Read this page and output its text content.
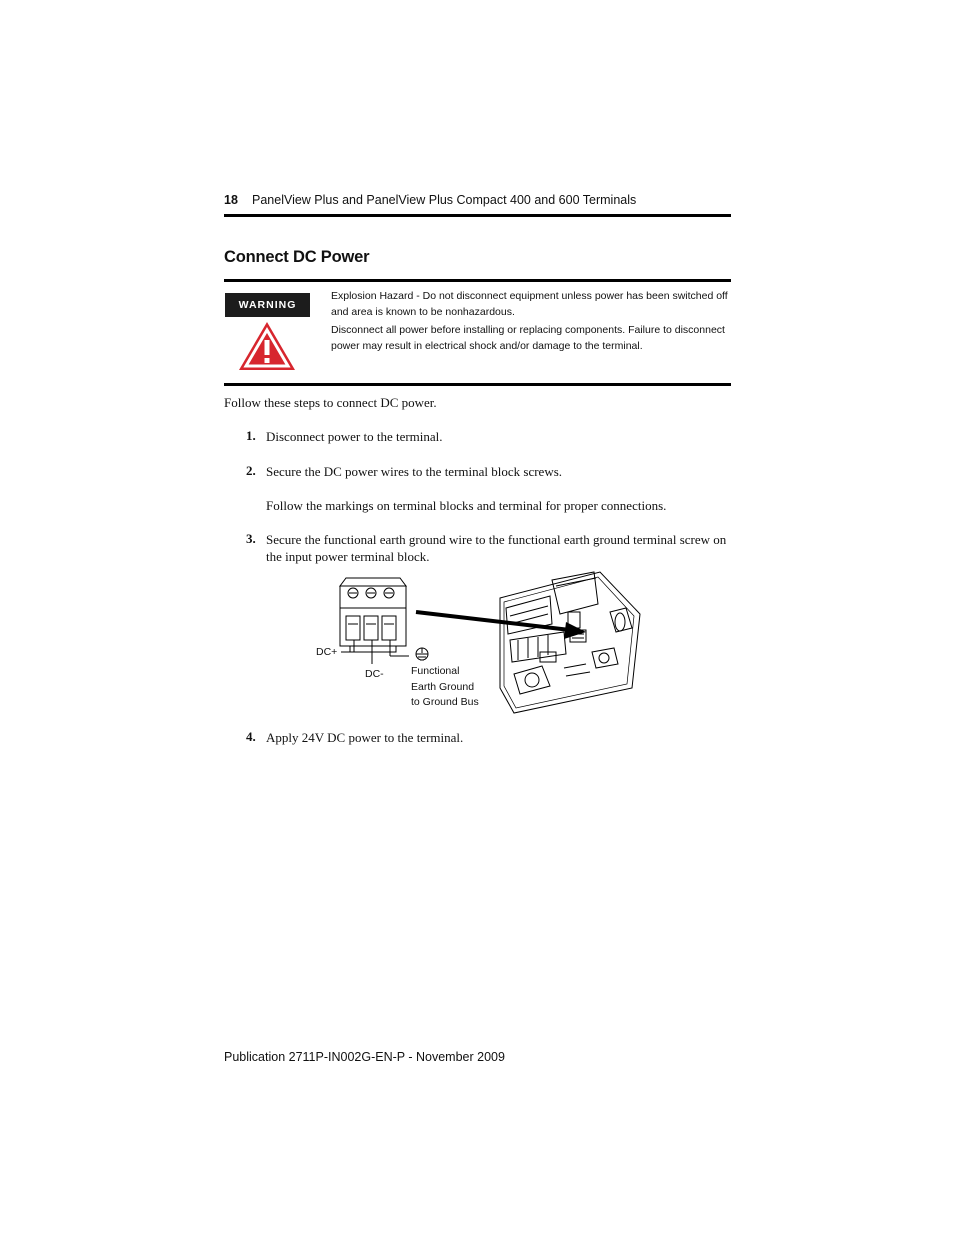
18 PanelView Plus and PanelView Plus Compact 400 and 600 Terminals
Connect DC Power
WARNING
Explosion Hazard - Do not disconnect equipment unless power has been switched off and area is known to be nonhazardous.
Disconnect all power before installing or replacing components. Failure to disconnect power may result in electrical shock and/or damage to the terminal.
Follow these steps to connect DC power.
1. Disconnect power to the terminal.
2. Secure the DC power wires to the terminal block screws.
Follow the markings on terminal blocks and terminal for proper connections.
3. Secure the functional earth ground wire to the functional earth ground terminal screw on the input power terminal block.
DC+
DC-	Functional
Earth Ground
to Ground Bus
4. Apply 24V DC power to the terminal.
Publication 2711P-IN002G-EN-P - November 2009
